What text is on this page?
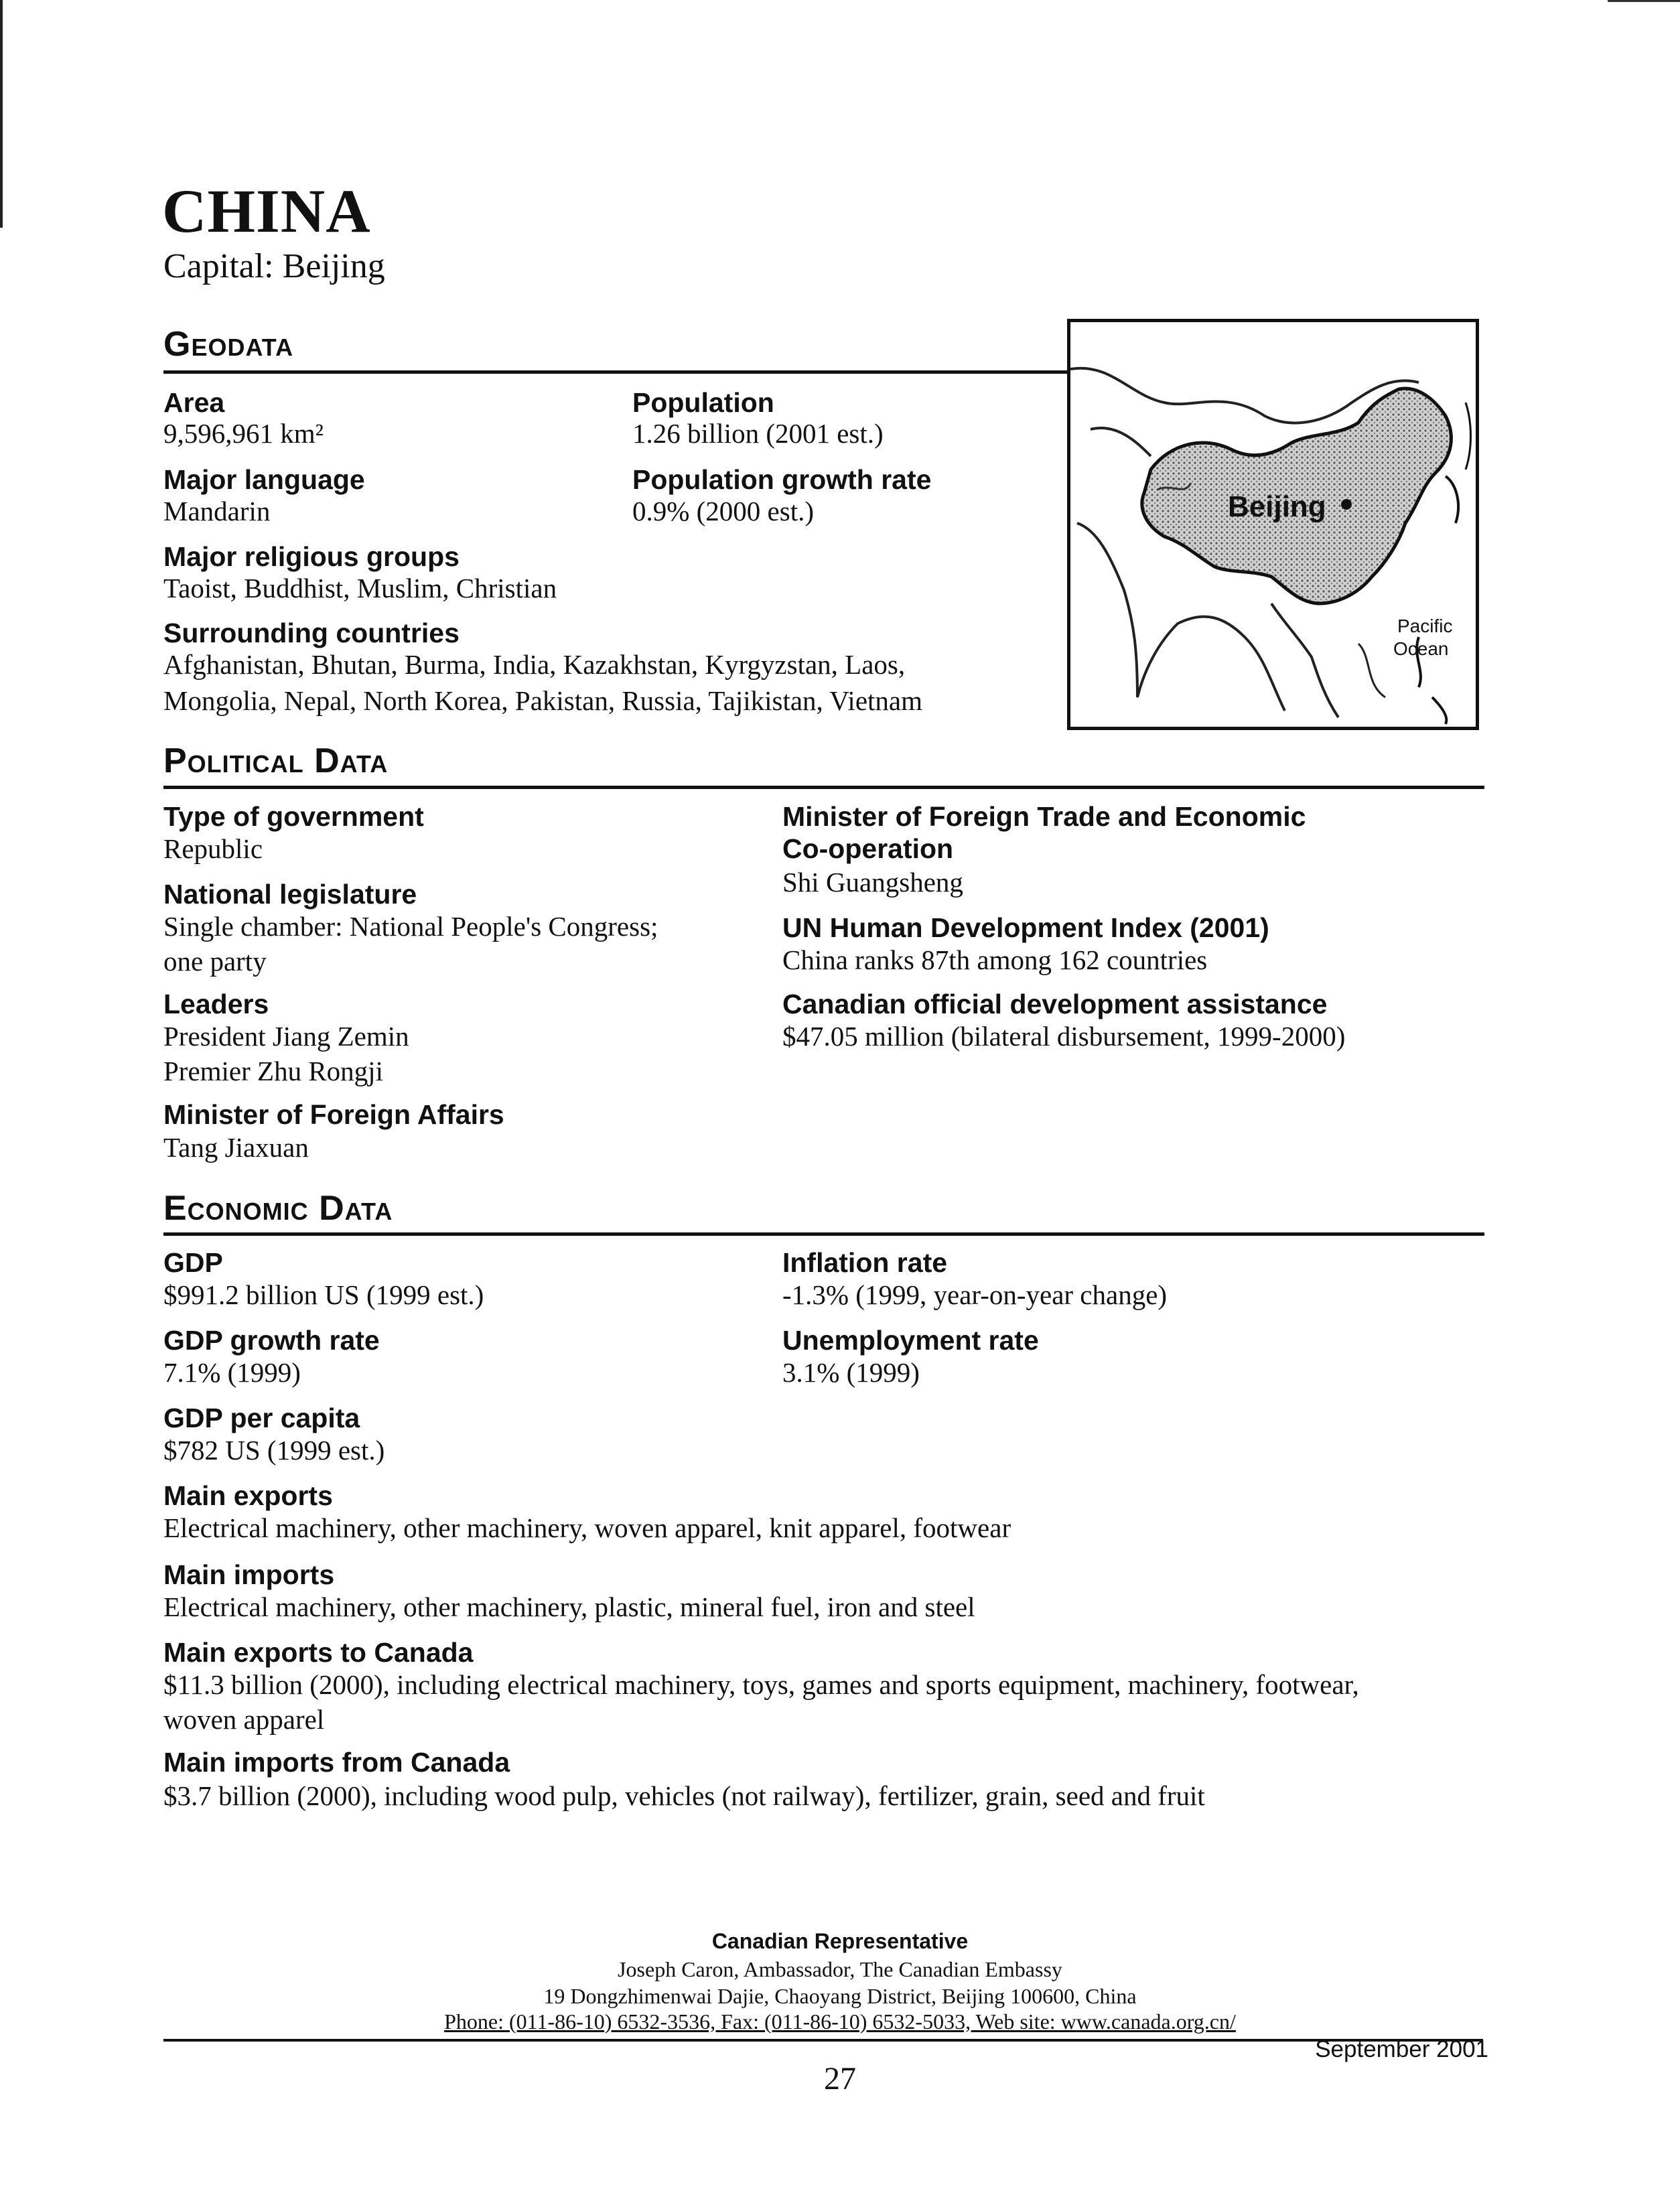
CHINA
Capital: Beijing
Geodata
Area
9,596,961 km²
Population
1.26 billion (2001 est.)
Major language
Mandarin
Population growth rate
0.9% (2000 est.)
Major religious groups
Taoist, Buddhist, Muslim, Christian
Surrounding countries
Afghanistan, Bhutan, Burma, India, Kazakhstan, Kyrgyzstan, Laos,
Mongolia, Nepal, North Korea, Pakistan, Russia, Tajikistan, Vietnam
Beijing
Pacific
Ocean
Political Data
Type of government
Republic
National legislature
Single chamber: National People's Congress;
one party
Leaders
President Jiang Zemin
Premier Zhu Rongji
Minister of Foreign Affairs
Tang Jiaxuan
Minister of Foreign Trade and Economic
Co-operation
Shi Guangsheng
UN Human Development Index (2001)
China ranks 87th among 162 countries
Canadian official development assistance
$47.05 million (bilateral disbursement, 1999-2000)
Economic Data
GDP
$991.2 billion US (1999 est.)
GDP growth rate
7.1% (1999)
GDP per capita
$782 US (1999 est.)
Inflation rate
-1.3% (1999, year-on-year change)
Unemployment rate
3.1% (1999)
Main exports
Electrical machinery, other machinery, woven apparel, knit apparel, footwear
Main imports
Electrical machinery, other machinery, plastic, mineral fuel, iron and steel
Main exports to Canada
$11.3 billion (2000), including electrical machinery, toys, games and sports equipment, machinery, footwear,
woven apparel
Main imports from Canada
$3.7 billion (2000), including wood pulp, vehicles (not railway), fertilizer, grain, seed and fruit
Canadian Representative
Joseph Caron, Ambassador, The Canadian Embassy
19 Dongzhimenwai Dajie, Chaoyang District, Beijing 100600, China
Phone: (011-86-10) 6532-3536, Fax: (011-86-10) 6532-5033, Web site: www.canada.org.cn/
September 2001
27
